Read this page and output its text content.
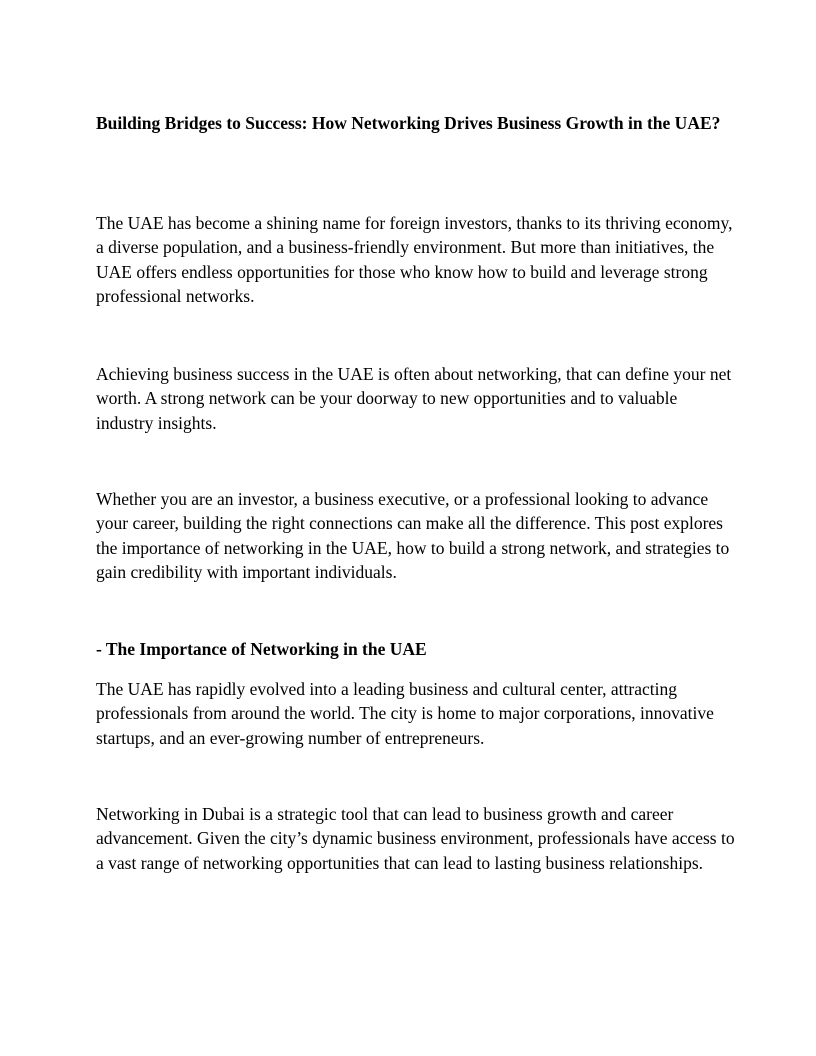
Building Bridges to Success: How Networking Drives Business Growth in the UAE?

The UAE has become a shining name for foreign investors, thanks to its thriving economy, a diverse population, and a business-friendly environment. But more than initiatives, the UAE offers endless opportunities for those who know how to build and leverage strong professional networks.

Achieving business success in the UAE is often about networking, that can define your net worth. A strong network can be your doorway to new opportunities and to valuable industry insights.

Whether you are an investor, a business executive, or a professional looking to advance your career, building the right connections can make all the difference. This post explores the importance of networking in the UAE, how to build a strong network, and strategies to gain credibility with important individuals.

- The Importance of Networking in the UAE

The UAE has rapidly evolved into a leading business and cultural center, attracting professionals from around the world. The city is home to major corporations, innovative startups, and an ever-growing number of entrepreneurs.

Networking in Dubai is a strategic tool that can lead to business growth and career advancement. Given the city’s dynamic business environment, professionals have access to a vast range of networking opportunities that can lead to lasting business relationships.
